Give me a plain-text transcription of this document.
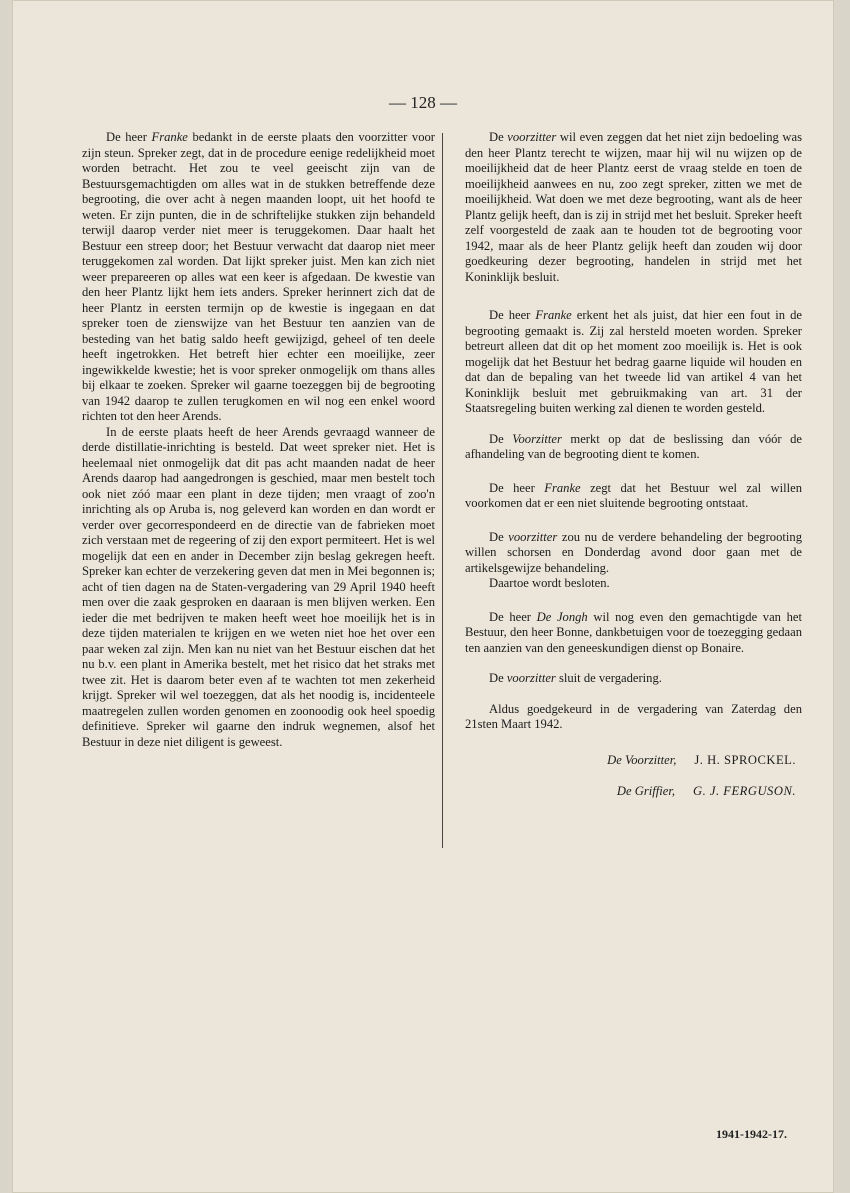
— 128 —

De heer Franke bedankt in de eerste plaats den voorzitter voor zijn steun. Spreker zegt, dat in de procedure eenige redelijkheid moet worden betracht. Het zou te veel geeischt zijn van de Bestuursgemachtigden om alles wat in de stukken betreffende deze begrooting, die over acht à negen maanden loopt, uit het hoofd te weten. Er zijn punten, die in de schriftelijke stukken zijn behandeld terwijl daarop verder niet meer is teruggekomen. Daar haalt het Bestuur een streep door; het Bestuur verwacht dat daarop niet meer teruggekomen zal worden. Dat lijkt spreker juist. Men kan zich niet weer prepareeren op alles wat een keer is afgedaan. De kwestie van den heer Plantz lijkt hem iets anders. Spreker herinnert zich dat de heer Plantz in eersten termijn op de kwestie is ingegaan en dat spreker toen de zienswijze van het Bestuur ten aanzien van de besteding van het batig saldo heeft gewijzigd, geheel of ten deele heeft ingetrokken. Het betreft hier echter een moeilijke, zeer ingewikkelde kwestie; het is voor spreker onmogelijk om thans alles bij elkaar te zoeken. Spreker wil gaarne toezeggen bij de begrooting van 1942 daarop te zullen terugkomen en wil nog een enkel woord richten tot den heer Arends.

In de eerste plaats heeft de heer Arends gevraagd wanneer de derde distillatie-inrichting is besteld. Dat weet spreker niet. Het is heelemaal niet onmogelijk dat dit pas acht maanden nadat de heer Arends daarop had aangedrongen is geschied, maar men bestelt toch ook niet zóó maar een plant in deze tijden; men vraagt of zoo'n inrichting als op Aruba is, nog geleverd kan worden en dan wordt er verder over gecorrespondeerd en de directie van de fabrieken moet zich verstaan met de regeering of zij den export permiteert. Het is wel mogelijk dat een en ander in December zijn beslag gekregen heeft. Spreker kan echter de verzekering geven dat men in Mei begonnen is; acht of tien dagen na de Staten-vergadering van 29 April 1940 heeft men over die zaak gesproken en daaraan is men blijven werken. Een ieder die met bedrijven te maken heeft weet hoe moeilijk het is in deze tijden materialen te krijgen en we weten niet hoe het over een paar weken zal zijn. Men kan nu niet van het Bestuur eischen dat het nu b.v. een plant in Amerika bestelt, met het risico dat het straks met twee zit. Het is daarom beter even af te wachten tot men zekerheid krijgt. Spreker wil wel toezeggen, dat als het noodig is, incidenteele maatregelen zullen worden genomen en zoonoodig ook heel spoedig definitieve. Spreker wil gaarne den indruk wegnemen, alsof het Bestuur in deze niet diligent is geweest.

De voorzitter wil even zeggen dat het niet zijn bedoeling was den heer Plantz terecht te wijzen, maar hij wil nu wijzen op de moeilijkheid dat de heer Plantz eerst de vraag stelde en toen de moeilijkheid aanwees en nu, zoo zegt spreker, zitten we met de moeilijkheid. Wat doen we met deze begrooting, want als de heer Plantz gelijk heeft, dan is zij in strijd met het besluit. Spreker heeft zelf voorgesteld de zaak aan te houden tot de begrooting voor 1942, maar als de heer Plantz gelijk heeft dan zouden wij door goedkeuring dezer begrooting, handelen in strijd met het Koninklijk besluit.

De heer Franke erkent het als juist, dat hier een fout in de begrooting gemaakt is. Zij zal hersteld moeten worden. Spreker betreurt alleen dat dit op het moment zoo moeilijk is. Het is ook mogelijk dat het Bestuur het bedrag gaarne liquide wil houden en dat dan de bepaling van het tweede lid van artikel 4 van het Koninklijk besluit met gebruikmaking van art. 31 der Staatsregeling buiten werking zal dienen te worden gesteld.

De Voorzitter merkt op dat de beslissing dan vóór de afhandeling van de begrooting dient te komen.

De heer Franke zegt dat het Bestuur wel zal willen voorkomen dat er een niet sluitende begrooting ontstaat.

De voorzitter zou nu de verdere behandeling der begrooting willen schorsen en Donderdag avond door gaan met de artikelsgewijze behandeling.

Daartoe wordt besloten.

De heer De Jongh wil nog even den gemachtigde van het Bestuur, den heer Bonne, dankbetuigen voor de toezegging gedaan ten aanzien van den geneeskundigen dienst op Bonaire.

De voorzitter sluit de vergadering.

Aldus goedgekeurd in de vergadering van Zaterdag den 21sten Maart 1942.

De Voorzitter, J. H. SPROCKEL.

De Griffier, G. J. FERGUSON.

1941-1942-17.
